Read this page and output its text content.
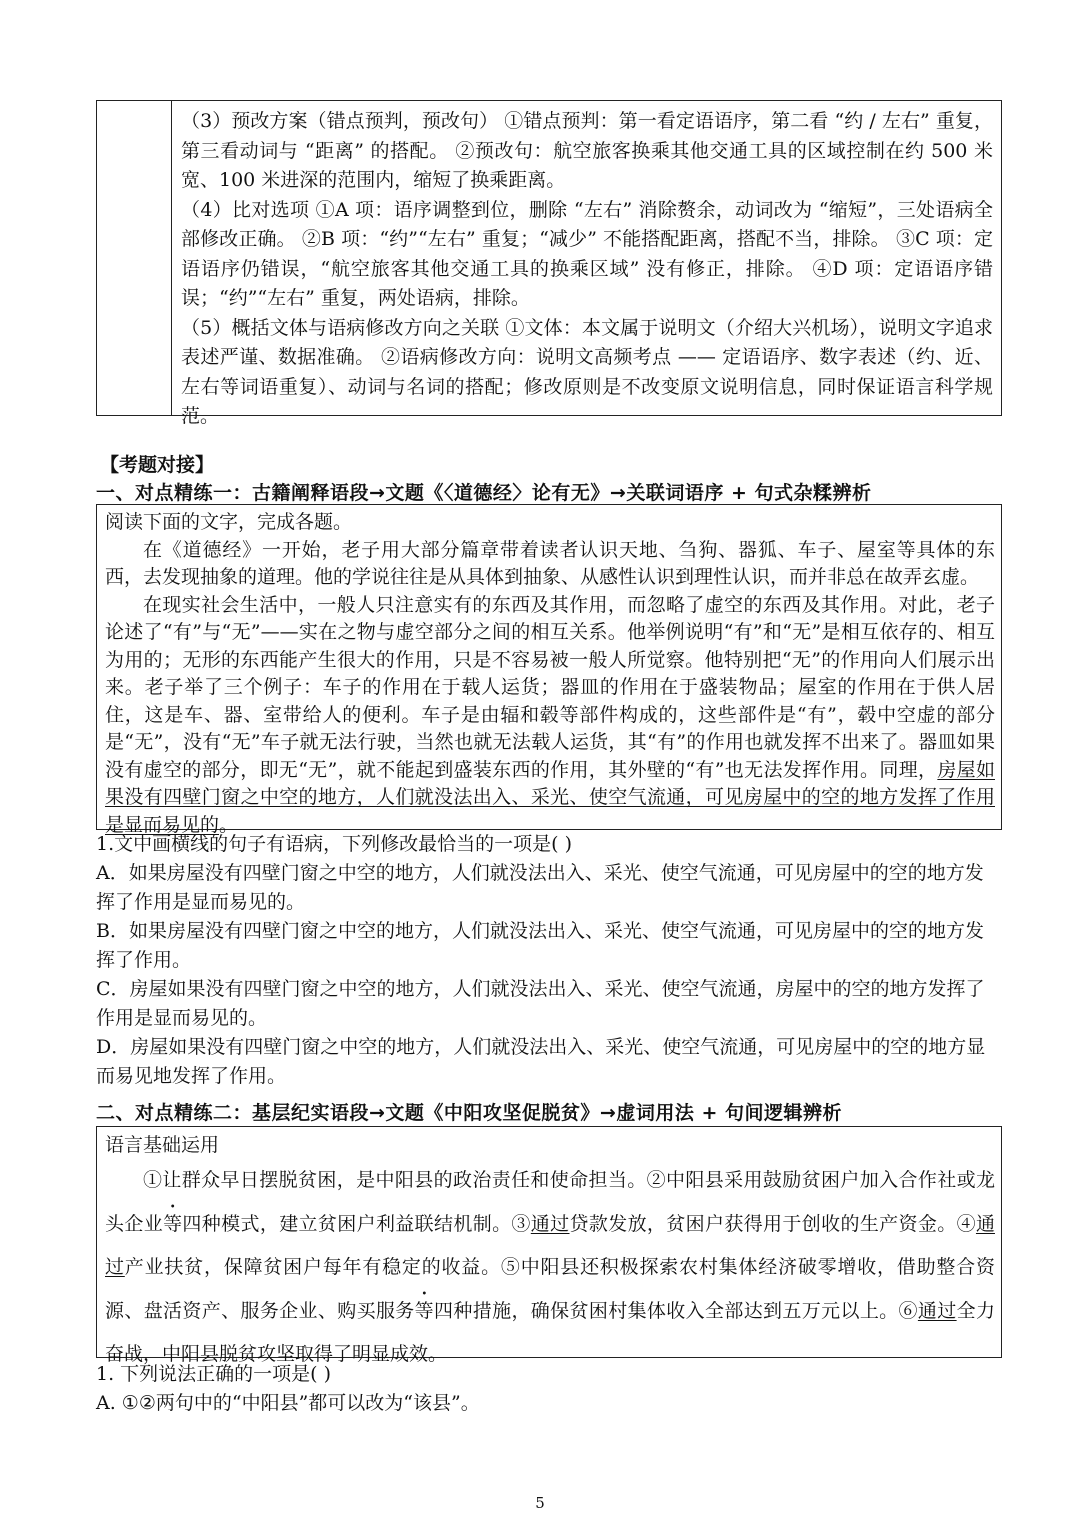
（3）预改方案（错点预判，预改句） ①错点预判：第一看定语语序，第二看 “约 / 左右” 重复，第三看动词与 “距离” 的搭配。 ②预改句：航空旅客换乘其他交通工具的区域控制在约 500 米宽、100 米进深的范围内，缩短了换乘距离。

（4）比对选项 ①A 项：语序调整到位，删除 “左右” 消除赘余，动词改为 “缩短”，三处语病全部修改正确。 ②B 项：“约”“左右” 重复；“减少” 不能搭配距离，搭配不当，排除。 ③C 项：定语语序仍错误，“航空旅客其他交通工具的换乘区域” 没有修正，排除。 ④D 项：定语语序错误；“约”“左右” 重复，两处语病，排除。

（5）概括文体与语病修改方向之关联 ①文体：本文属于说明文（介绍大兴机场），说明文字追求表述严谨、数据准确。 ②语病修改方向：说明文高频考点 —— 定语语序、数字表述（约、近、左右等词语重复）、动词与名词的搭配；修改原则是不改变原文说明信息，同时保证语言科学规范。

【考题对接】
一、对点精练一：古籍阐释语段→文题《〈道德经〉论有无》→关联词语序 + 句式杂糅辨析

阅读下面的文字，完成各题。

在《道德经》一开始，老子用大部分篇章带着读者认识天地、刍狗、器狐、车子、屋室等具体的东西，去发现抽象的道理。他的学说往往是从具体到抽象、从感性认识到理性认识，而并非总在故弄玄虚。

在现实社会生活中，一般人只注意实有的东西及其作用，而忽略了虚空的东西及其作用。对此，老子论述了“有”与“无”——实在之物与虚空部分之间的相互关系。他举例说明“有”和“无”是相互依存的、相互为用的；无形的东西能产生很大的作用，只是不容易被一般人所觉察。他特别把“无”的作用向人们展示出来。老子举了三个例子：车子的作用在于载人运货；器皿的作用在于盛装物品；屋室的作用在于供人居住，这是车、器、室带给人的便利。车子是由辐和毂等部件构成的，这些部件是“有”，毂中空虚的部分是“无”，没有“无”车子就无法行驶，当然也就无法载人运货，其“有”的作用也就发挥不出来了。器皿如果没有虚空的部分，即无“无”，就不能起到盛装东西的作用，其外壁的“有”也无法发挥作用。同理，房屋如果没有四壁门窗之中空的地方，人们就没法出入、采光、使空气流通，可见房屋中的空的地方发挥了作用是显而易见的。

1.文中画横线的句子有语病，下列修改最恰当的一项是( )

A．如果房屋没有四壁门窗之中空的地方，人们就没法出入、采光、使空气流通，可见房屋中的空的地方发挥了作用是显而易见的。

B．如果房屋没有四壁门窗之中空的地方，人们就没法出入、采光、使空气流通，可见房屋中的空的地方发挥了作用。

C．房屋如果没有四壁门窗之中空的地方，人们就没法出入、采光、使空气流通，房屋中的空的地方发挥了作用是显而易见的。

D．房屋如果没有四壁门窗之中空的地方，人们就没法出入、采光、使空气流通，可见房屋中的空的地方显而易见地发挥了作用。

二、对点精练二：基层纪实语段→文题《中阳攻坚促脱贫》→虚词用法 + 句间逻辑辨析

语言基础运用

①让群众早日摆脱贫困，是中阳县的政治责任和使命担当。②中阳县采用鼓励贫困户加入合作社或龙头企业等四种模式，建立贫困户利益联结机制。③通过贷款发放，贫困户获得用于创收的生产资金。④通过产业扶贫，保障贫困户每年有稳定的收益。⑤中阳县还积极探索农村集体经济破零增收，借助整合资源、盘活资产、服务企业、购买服务等四种措施，确保贫困村集体收入全部达到五万元以上。⑥通过全力奋战，中阳县脱贫攻坚取得了明显成效。

1. 下列说法正确的一项是( )

A. ①②两句中的“中阳县”都可以改为“该县”。

5
